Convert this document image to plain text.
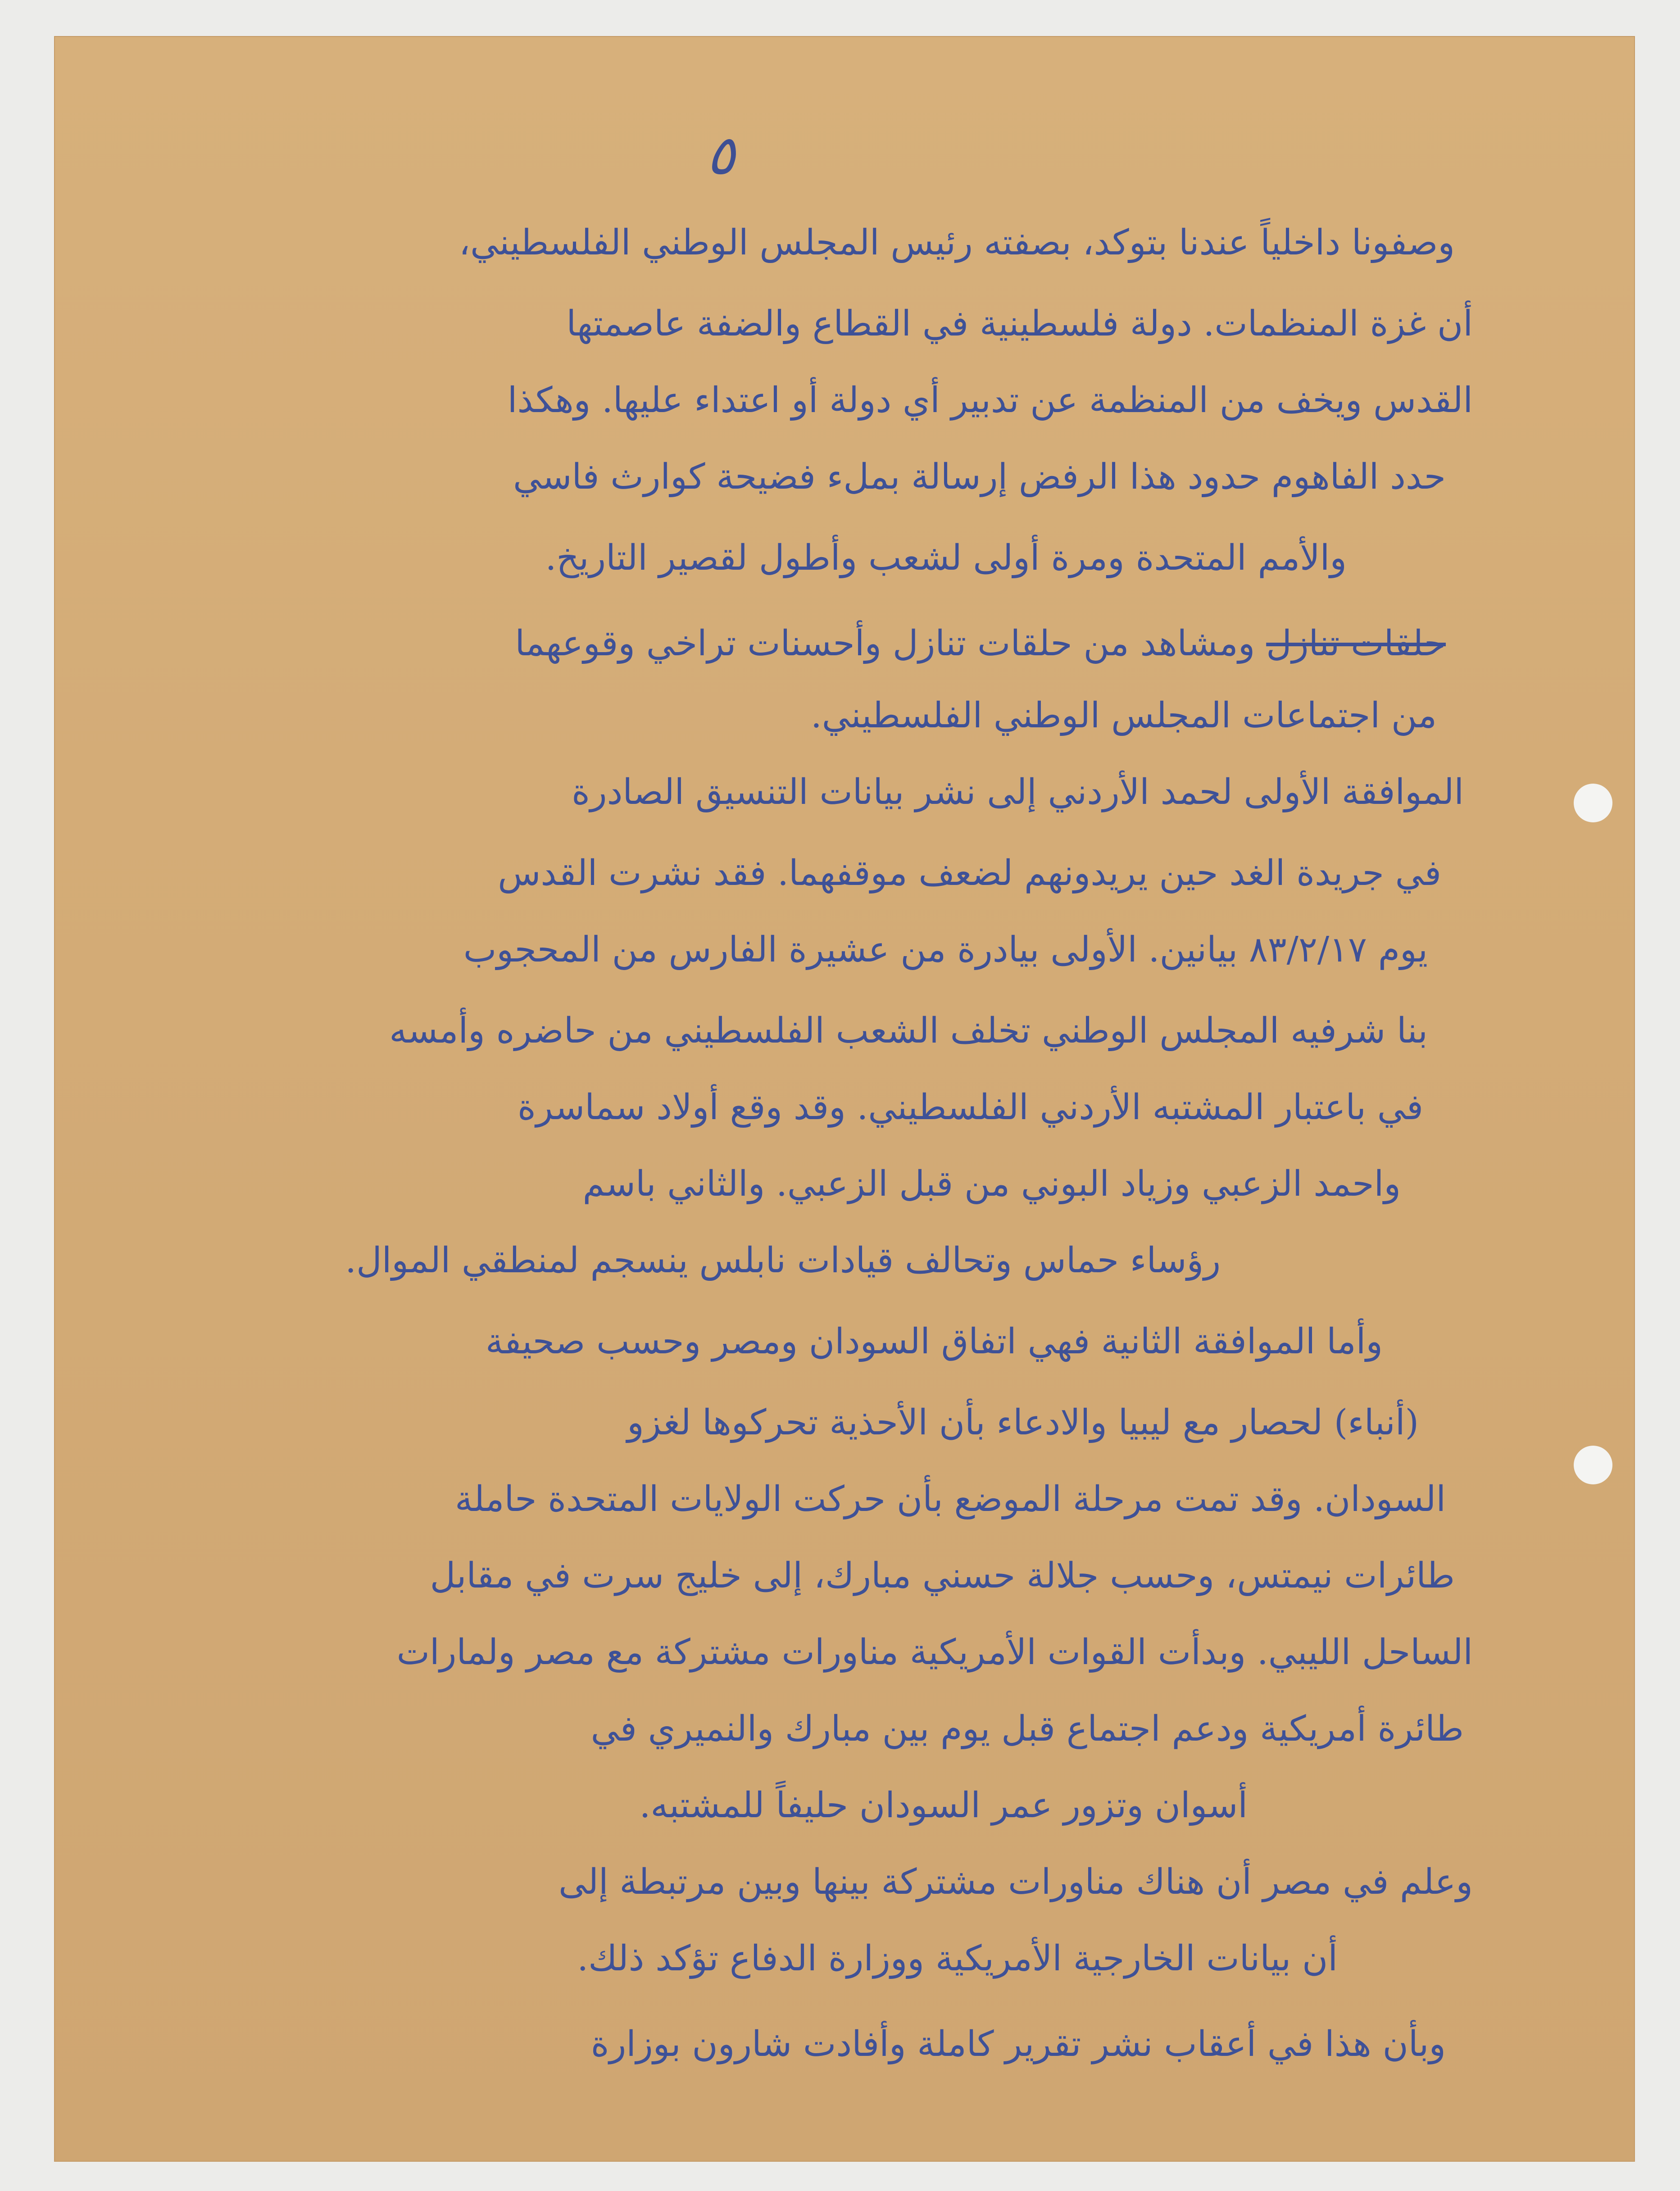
٥
وصفونا داخلياً عندنا بتوكد، بصفته رئيس المجلس الوطني الفلسطيني،
أن غزة المنظمات. دولة فلسطينية في القطاع والضفة عاصمتها
القدس ويخف من المنظمة عن تدبير أي دولة أو اعتداء عليها. وهكذا
حدد الفاهوم حدود هذا الرفض إرسالة بملء فضيحة كوارث فاسي
والأمم المتحدة ومرة أولى لشعب وأطول لقصير التاريخ.
حلقات تنازل ومشاهد من حلقات تنازل وأحسنات تراخي وقوعهما
من اجتماعات المجلس الوطني الفلسطيني.
الموافقة الأولى لحمد الأردني إلى نشر بيانات التنسيق الصادرة
في جريدة الغد حين يريدونهم لضعف موقفهما. فقد نشرت القدس
يوم ٨٣/٢/١٧ بيانين. الأولى بيادرة من عشيرة الفارس من المحجوب
بنا شرفيه المجلس الوطني تخلف الشعب الفلسطيني من حاضره وأمسه
في باعتبار المشتبه الأردني الفلسطيني. وقد وقع أولاد سماسرة
واحمد الزعبي وزياد البوني من قبل الزعبي. والثاني باسم
رؤساء حماس وتحالف قيادات نابلس ينسجم لمنطقي الموال.
وأما الموافقة الثانية فهي اتفاق السودان ومصر وحسب صحيفة
(أنباء) لحصار مع ليبيا والادعاء بأن الأحذية تحركوها لغزو
السودان. وقد تمت مرحلة الموضع بأن حركت الولايات المتحدة حاملة
طائرات نيمتس، وحسب جلالة حسني مبارك، إلى خليج سرت في مقابل
الساحل الليبي. وبدأت القوات الأمريكية مناورات مشتركة مع مصر ولمارات
طائرة أمريكية ودعم اجتماع قبل يوم بين مبارك والنميري في
أسوان وتزور عمر السودان حليفاً للمشتبه.
وعلم في مصر أن هناك مناورات مشتركة بينها وبين مرتبطة إلى
أن بيانات الخارجية الأمريكية ووزارة الدفاع تؤكد ذلك.
وبأن هذا في أعقاب نشر تقرير كاملة وأفادت شارون بوزارة
